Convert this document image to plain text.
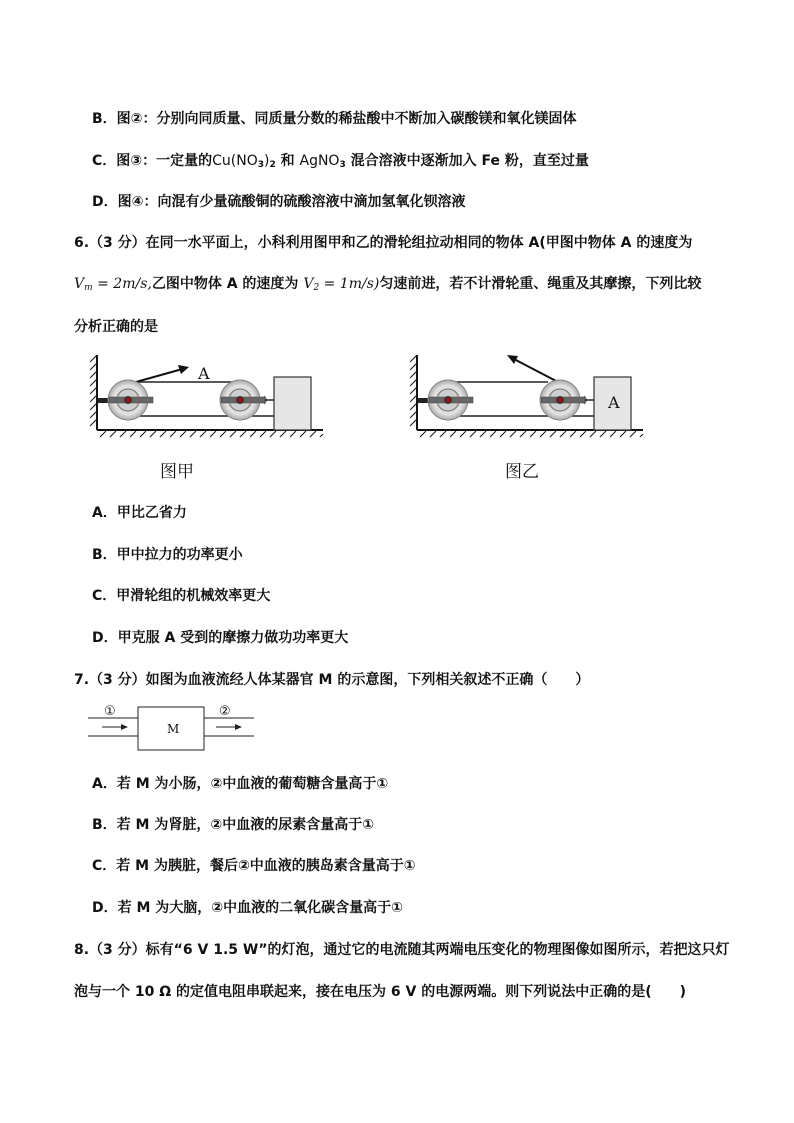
B．图②：分别向同质量、同质量分数的稀盐酸中不断加入碳酸镁和氧化镁固体
C．图③：一定量的$Cu(NO_3)_2$ 和 AgNO$_3$ 混合溶液中逐渐加入 Fe 粉，直至过量
D．图④：向混有少量硫酸铜的硫酸溶液中滴加氢氧化钡溶液
6.（3 分）在同一水平面上，小科利用图甲和乙的滑轮组拉动相同的物体 A(甲图中物体 A 的速度为
$V_m = 2m/s$,乙图中物体 A 的速度为 $V_2 = 1m/s$)匀速前进，若不计滑轮重、绳重及其摩擦，下列比较
分析正确的是
A
图甲
A
图乙
A．甲比乙省力
B．甲中拉力的功率更小
C．甲滑轮组的机械效率更大
D．甲克服 A 受到的摩擦力做功功率更大
7.（3 分）如图为血液流经人体某器官 M 的示意图，下列相关叙述不正确（　　）
①
M
②
A．若 M 为小肠，②中血液的葡萄糖含量高于①
B．若 M 为肾脏，②中血液的尿素含量高于①
C．若 M 为胰脏，餐后②中血液的胰岛素含量高于①
D．若 M 为大脑，②中血液的二氧化碳含量高于①
8.（3 分）标有“6 V 1.5 W”的灯泡，通过它的电流随其两端电压变化的物理图像如图所示，若把这只灯
泡与一个 10 Ω 的定值电阻串联起来，接在电压为 6 V 的电源两端。则下列说法中正确的是(　　)
